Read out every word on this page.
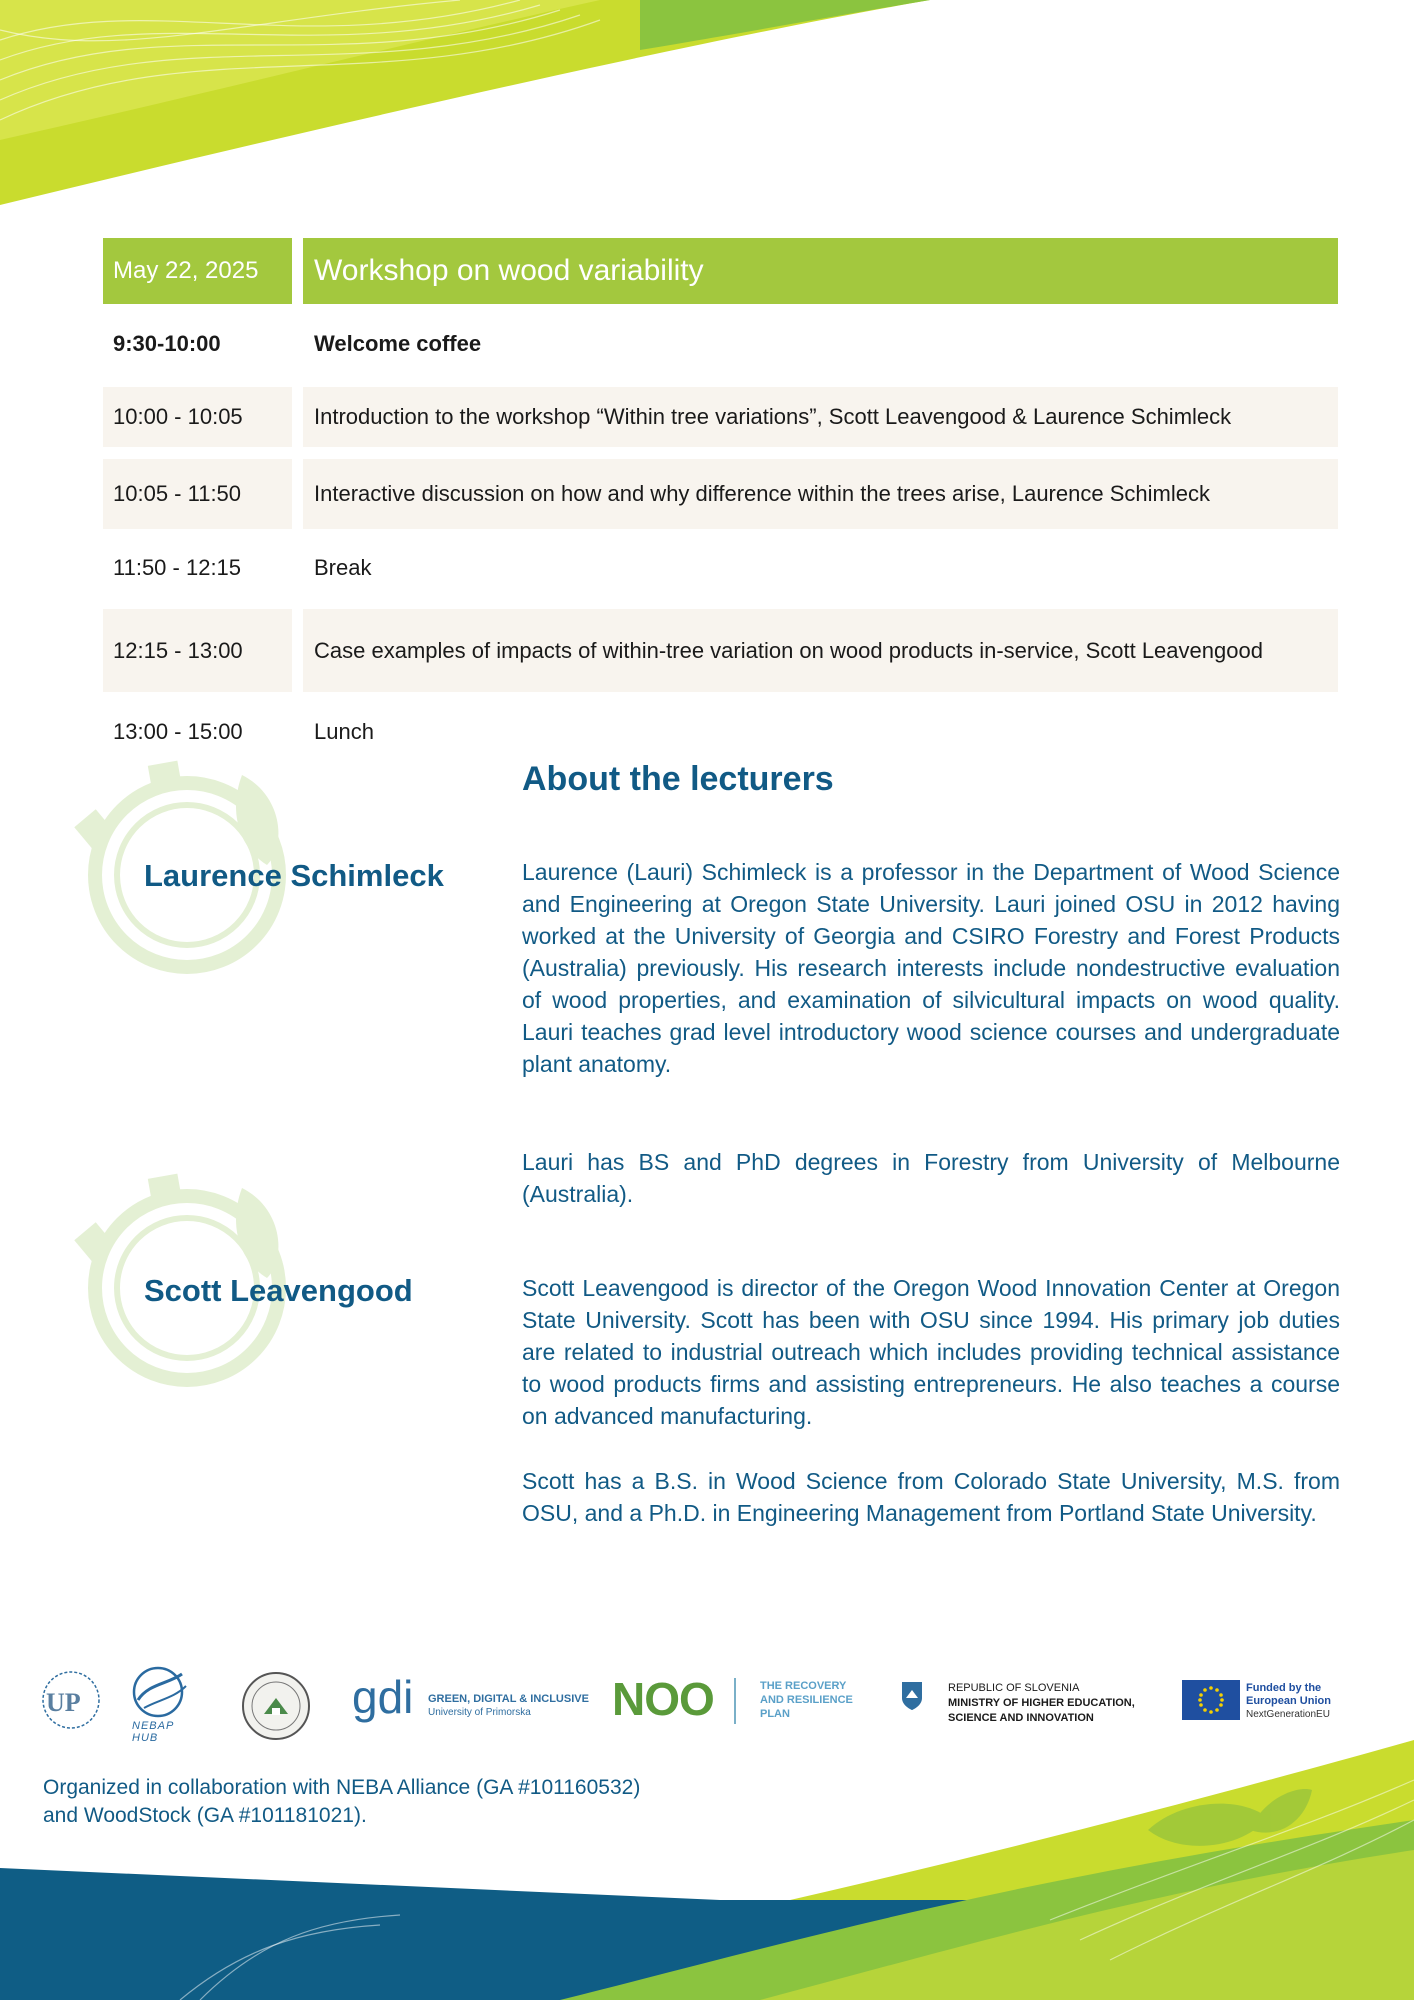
May 22, 2025	Workshop on wood variability
9:30-10:00	Welcome coffee
10:00 - 10:05	Introduction to the workshop “Within tree variations”, Scott Leavengood & Laurence Schimleck
10:05 - 11:50	Interactive discussion on how and why difference within the trees arise, Laurence Schimleck
11:50 - 12:15	Break
12:15 - 13:00	Case examples of impacts of within-tree variation on wood products in-service, Scott Leavengood
13:00 - 15:00	Lunch
About the lecturers
Laurence Schimleck	Laurence (Lauri) Schimleck is a professor in the Department of Wood Science and Engineering at Oregon State University. Lauri joined OSU in 2012 having worked at the University of Georgia and CSIRO Forestry and Forest Products (Australia) previously. His research interests include nondestructive evaluation of wood properties, and examination of silvicultural impacts on wood quality. Lauri teaches grad level introductory wood science courses and undergraduate plant anatomy.

Lauri has BS and PhD degrees in Forestry from University of Melbourne (Australia).

Scott Leavengood	Scott Leavengood is director of the Oregon Wood Innovation Center at Oregon State University. Scott has been with OSU since 1994. His primary job duties are related to industrial outreach which includes providing technical assistance to wood products firms and assisting entrepreneurs. He also teaches a course on advanced manufacturing.

Scott has a B.S. in Wood Science from Colorado State University, M.S. from OSU, and a Ph.D. in Engineering Management from Portland State University.

UP
NEBAP HUB
gdi GREEN, DIGITAL & INCLUSIVE
University of Primorska NOO	THE RECOVERY
AND RESILIENCE
PLAN
REPUBLIC OF SLOVENIA
MINISTRY OF HIGHER EDUCATION,
SCIENCE AND INNOVATION
Funded by the
European Union
NextGenerationEU

Organized in collaboration with NEBA Alliance (GA #101160532)
and WoodStock (GA #101181021).
